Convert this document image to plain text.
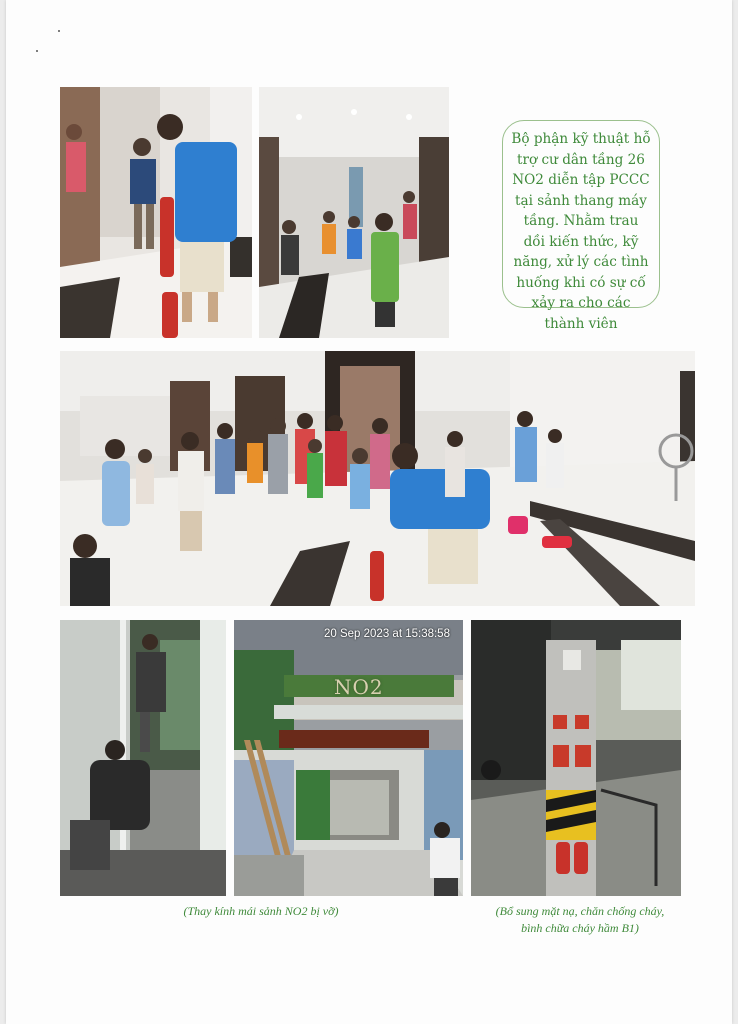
Bộ phận kỹ thuật hỗ trợ cư dân tầng 26 NO2 diễn tập PCCC tại sảnh thang máy tầng. Nhằm trau dồi kiến thức, kỹ năng, xử lý các tình huống khi có sự cố xảy ra cho các thành viên
20 Sep 2023 at 15:38:58
NO2
(Thay kính mái sảnh NO2 bị vỡ)	(Bổ sung mặt nạ, chăn chống cháy, bình chữa cháy hầm B1)
